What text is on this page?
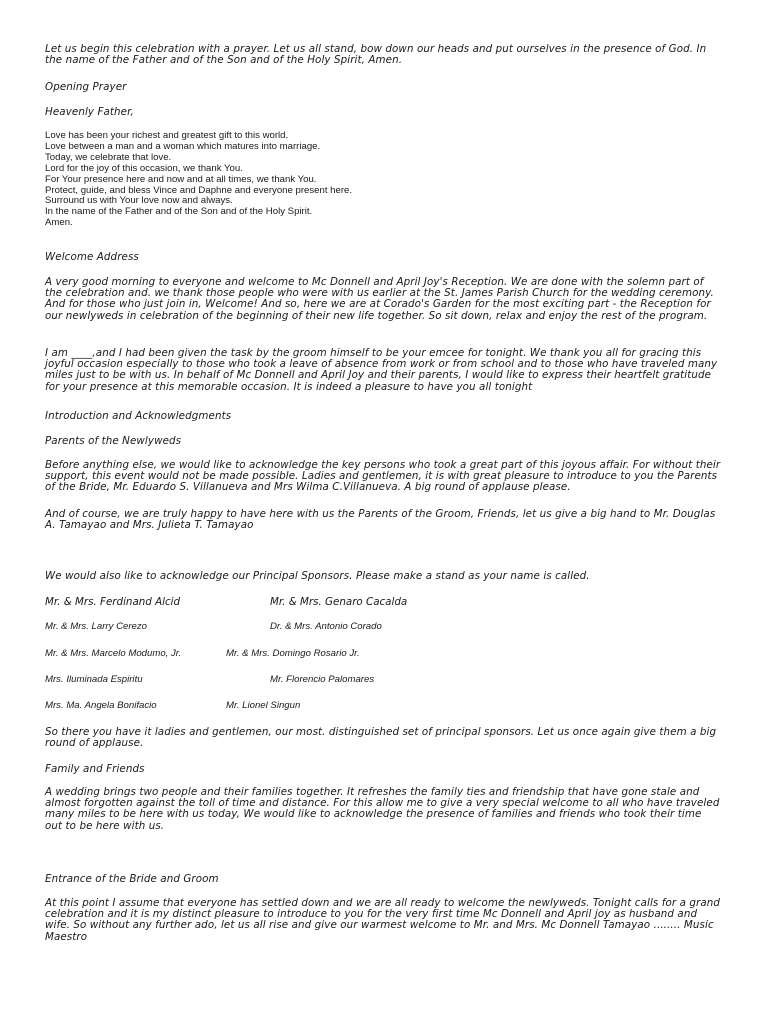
Let us begin this celebration with a prayer. Let us all stand, bow down our heads and put ourselves in the presence of God. In the name of the Father and of the Son and of the Holy Spirit, Amen.

Opening Prayer

Heavenly Father,

Love has been your richest and greatest gift to this world.
Love between a man and a woman which matures into marriage.
Today, we celebrate that love.
Lord for the joy of this occasion, we thank You.
For Your presence here and now and at all times, we thank You.
Protect, guide, and bless Vince and Daphne and everyone present here.
Surround us with Your love now and always.
In the name of the Father and of the Son and of the Holy Spirit.
Amen.

Welcome Address

A very good morning to everyone and welcome to Mc Donnell and April Joy's Reception. We are done with the solemn part of the celebration and. we thank those people who were with us earlier at the St. James Parish Church for the wedding ceremony. And for those who just join in, Welcome! And so, here we are at Corado's Garden for the most exciting part - the Reception for our newlyweds in celebration of the beginning of their new life together. So sit down, relax and enjoy the rest of the program.

I am ____,and I had been given the task by the groom himself to be your emcee for tonight. We thank you all for gracing this joyful occasion especially to those who took a leave of absence from work or from school and to those who have traveled many miles just to be with us. In behalf of Mc Donnell and April Joy and their parents, I would like to express their heartfelt gratitude for your presence at this memorable occasion. It is indeed a pleasure to have you all tonight

Introduction and Acknowledgments

Parents of the Newlyweds

Before anything else, we would like to acknowledge the key persons who took a great part of this joyous affair. For without their support, this event would not be made possible. Ladies and gentlemen, it is with great pleasure to introduce to you the Parents of the Bride, Mr. Eduardo S. Villanueva and Mrs Wilma C.Villanueva. A big round of applause please.

And of course, we are truly happy to have here with us the Parents of the Groom, Friends, let us give a big hand to Mr. Douglas A. Tamayao and Mrs. Julieta T. Tamayao

We would also like to acknowledge our Principal Sponsors. Please make a stand as your name is called.

Mr. & Mrs. Ferdinand Alcid	Mr. & Mrs. Genaro Cacalda
Mr. & Mrs. Larry Cerezo	Dr. & Mrs. Antonio Corado
Mr. & Mrs. Marcelo Modumo, Jr.	Mr. & Mrs. Domingo Rosario Jr.
Mrs. Iluminada Espiritu	Mr. Florencio Palomares
Mrs. Ma. Angela Bonifacio	Mr. Lionel Singun

So there you have it ladies and gentlemen, our most. distinguished set of principal sponsors. Let us once again give them a big round of applause.

Family and Friends

A wedding brings two people and their families together. It refreshes the family ties and friendship that have gone stale and almost forgotten against the toll of time and distance. For this allow me to give a very special welcome to all who have traveled many miles to be here with us today, We would like to acknowledge the presence of families and friends who took their time out to be here with us.

Entrance of the Bride and Groom

At this point I assume that everyone has settled down and we are all ready to welcome the newlyweds. Tonight calls for a grand celebration and it is my distinct pleasure to introduce to you for the very first time Mc Donnell and April joy as husband and wife. So without any further ado, let us all rise and give our warmest welcome to Mr. and Mrs. Mc Donnell Tamayao ........ Music Maestro
